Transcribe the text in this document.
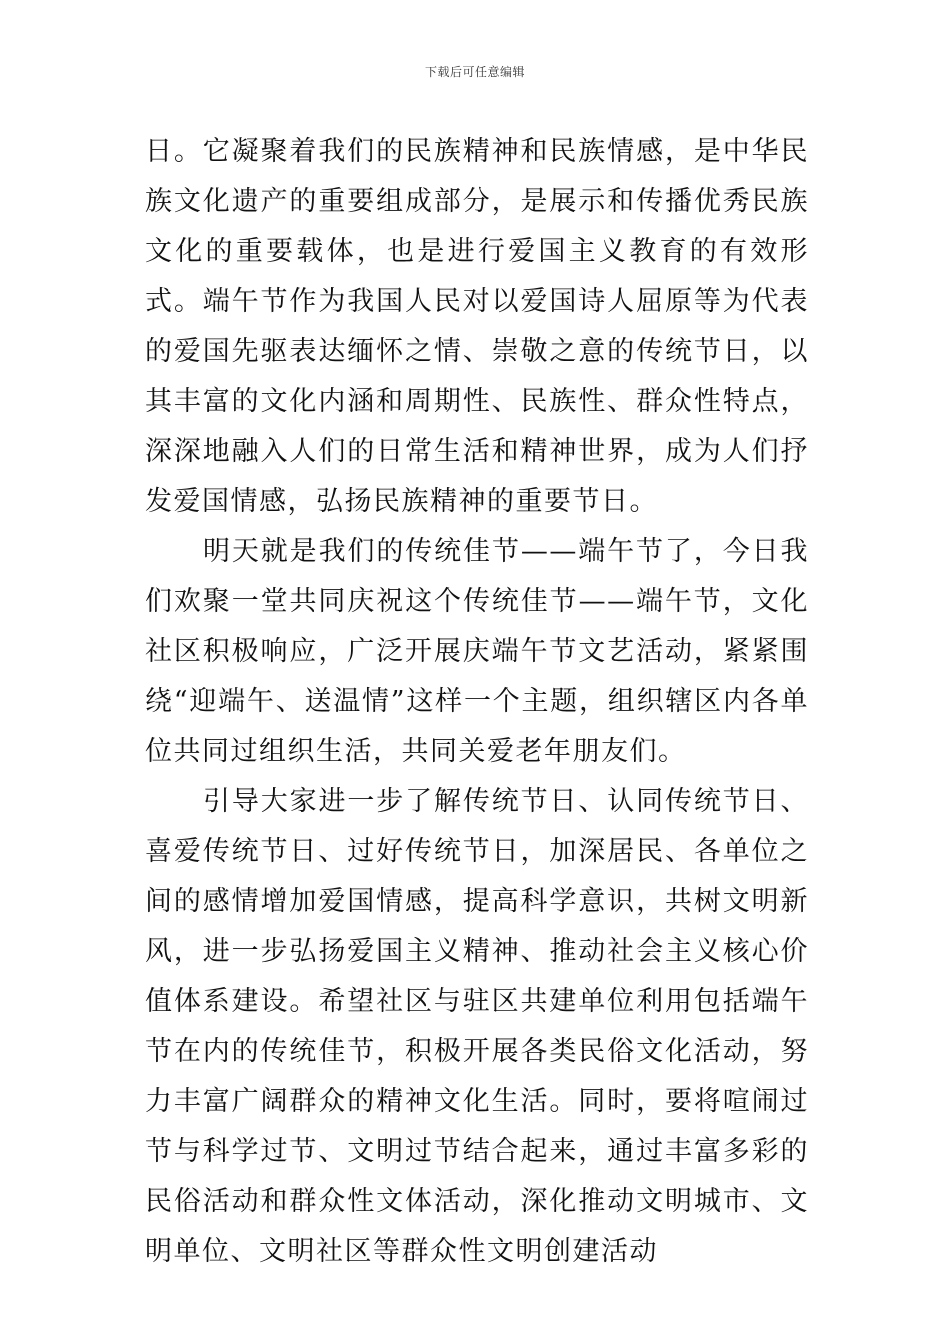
下载后可任意编辑

日。它凝聚着我们的民族精神和民族情感，是中华民族文化遗产的重要组成部分，是展示和传播优秀民族文化的重要载体，也是进行爱国主义教育的有效形式。端午节作为我国人民对以爱国诗人屈原等为代表的爱国先驱表达缅怀之情、崇敬之意的传统节日，以其丰富的文化内涵和周期性、民族性、群众性特点，深深地融入人们的日常生活和精神世界，成为人们抒发爱国情感，弘扬民族精神的重要节日。

明天就是我们的传统佳节——端午节了，今日我们欢聚一堂共同庆祝这个传统佳节——端午节，文化社区积极响应，广泛开展庆端午节文艺活动，紧紧围绕“迎端午、送温情”这样一个主题，组织辖区内各单位共同过组织生活，共同关爱老年朋友们。

引导大家进一步了解传统节日、认同传统节日、喜爱传统节日、过好传统节日，加深居民、各单位之间的感情增加爱国情感，提高科学意识，共树文明新风，进一步弘扬爱国主义精神、推动社会主义核心价值体系建设。希望社区与驻区共建单位利用包括端午节在内的传统佳节，积极开展各类民俗文化活动，努力丰富广阔群众的精神文化生活。同时，要将喧闹过节与科学过节、文明过节结合起来，通过丰富多彩的民俗活动和群众性文体活动，深化推动文明城市、文明单位、文明社区等群众性文明创建活动
